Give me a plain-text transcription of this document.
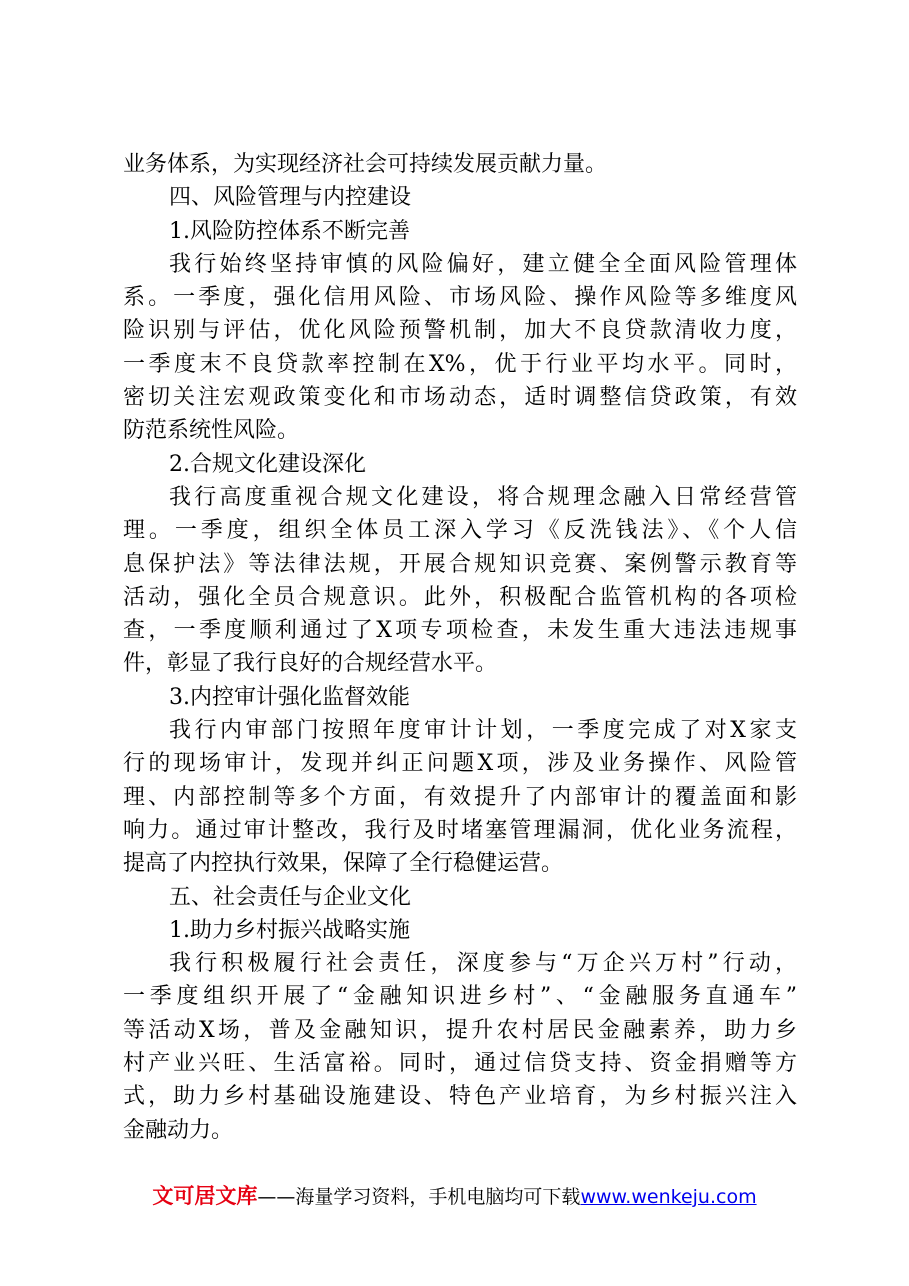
业务体系，为实现经济社会可持续发展贡献力量。
四、风险管理与内控建设
1.风险防控体系不断完善
我行始终坚持审慎的风险偏好，建立健全全面风险管理体
系。一季度，强化信用风险、市场风险、操作风险等多维度风
险识别与评估，优化风险预警机制，加大不良贷款清收力度，
一季度末不良贷款率控制在X%，优于行业平均水平。同时，
密切关注宏观政策变化和市场动态，适时调整信贷政策，有效
防范系统性风险。
2.合规文化建设深化
我行高度重视合规文化建设，将合规理念融入日常经营管
理。一季度，组织全体员工深入学习《反洗钱法》、《个人信
息保护法》等法律法规，开展合规知识竞赛、案例警示教育等
活动，强化全员合规意识。此外，积极配合监管机构的各项检
查，一季度顺利通过了X项专项检查，未发生重大违法违规事
件，彰显了我行良好的合规经营水平。
3.内控审计强化监督效能
我行内审部门按照年度审计计划，一季度完成了对X家支
行的现场审计，发现并纠正问题X项，涉及业务操作、风险管
理、内部控制等多个方面，有效提升了内部审计的覆盖面和影
响力。通过审计整改，我行及时堵塞管理漏洞，优化业务流程，
提高了内控执行效果，保障了全行稳健运营。
五、社会责任与企业文化
1.助力乡村振兴战略实施
我行积极履行社会责任，深度参与“万企兴万村”行动，
一季度组织开展了“金融知识进乡村”、“金融服务直通车”
等活动X场，普及金融知识，提升农村居民金融素养，助力乡
村产业兴旺、生活富裕。同时，通过信贷支持、资金捐赠等方
式，助力乡村基础设施建设、特色产业培育，为乡村振兴注入
金融动力。
文可居文库——海量学习资料，手机电脑均可下载www.wenkeju.com
